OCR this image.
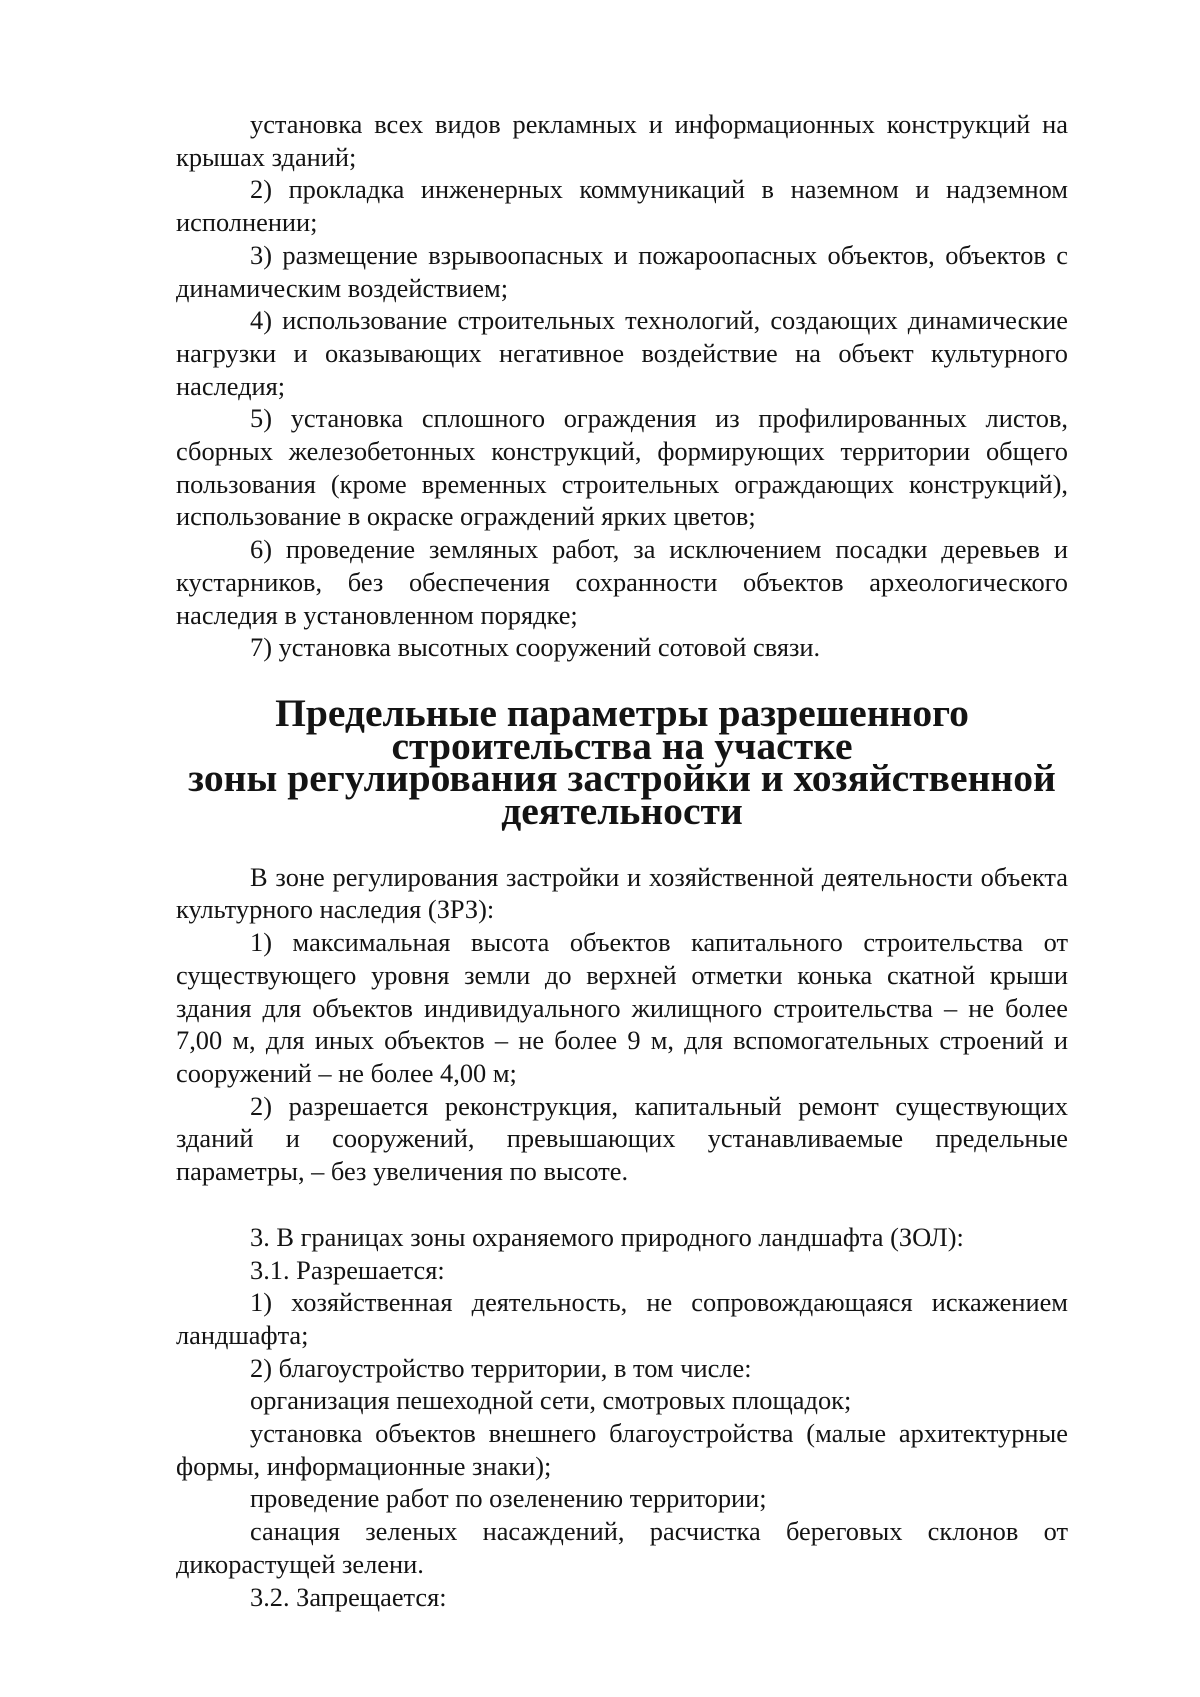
установка всех видов рекламных и информационных конструкций на крышах зданий;

2) прокладка инженерных коммуникаций в наземном и надземном исполнении;

3) размещение взрывоопасных и пожароопасных объектов, объектов с динамическим воздействием;

4) использование строительных технологий, создающих динамические нагрузки и оказывающих негативное воздействие на объект культурного наследия;

5) установка сплошного ограждения из профилированных листов, сборных железобетонных конструкций, формирующих территории общего пользования (кроме временных строительных ограждающих конструкций), использование в окраске ограждений ярких цветов;

6) проведение земляных работ, за исключением посадки деревьев и кустарников, без обеспечения сохранности объектов археологического наследия в установленном порядке;

7) установка высотных сооружений сотовой связи.

Предельные параметры разрешенного строительства на участке
зоны регулирования застройки и хозяйственной деятельности

В зоне регулирования застройки и хозяйственной деятельности объекта культурного наследия (ЗРЗ):

1) максимальная высота объектов капитального строительства от существующего уровня земли до верхней отметки конька скатной крыши здания для объектов индивидуального жилищного строительства – не более 7,00 м, для иных объектов – не более 9 м, для вспомогательных строений и сооружений – не более 4,00 м;

2) разрешается реконструкция, капитальный ремонт существующих зданий и сооружений, превышающих устанавливаемые предельные параметры, – без увеличения по высоте.

3. В границах зоны охраняемого природного ландшафта (ЗОЛ):

3.1. Разрешается:

1) хозяйственная деятельность, не сопровождающаяся искажением ландшафта;

2) благоустройство территории, в том числе:

организация пешеходной сети, смотровых площадок;

установка объектов внешнего благоустройства (малые архитектурные формы, информационные знаки);

проведение работ по озеленению территории;

санация зеленых насаждений, расчистка береговых склонов от дикорастущей зелени.

3.2. Запрещается:
